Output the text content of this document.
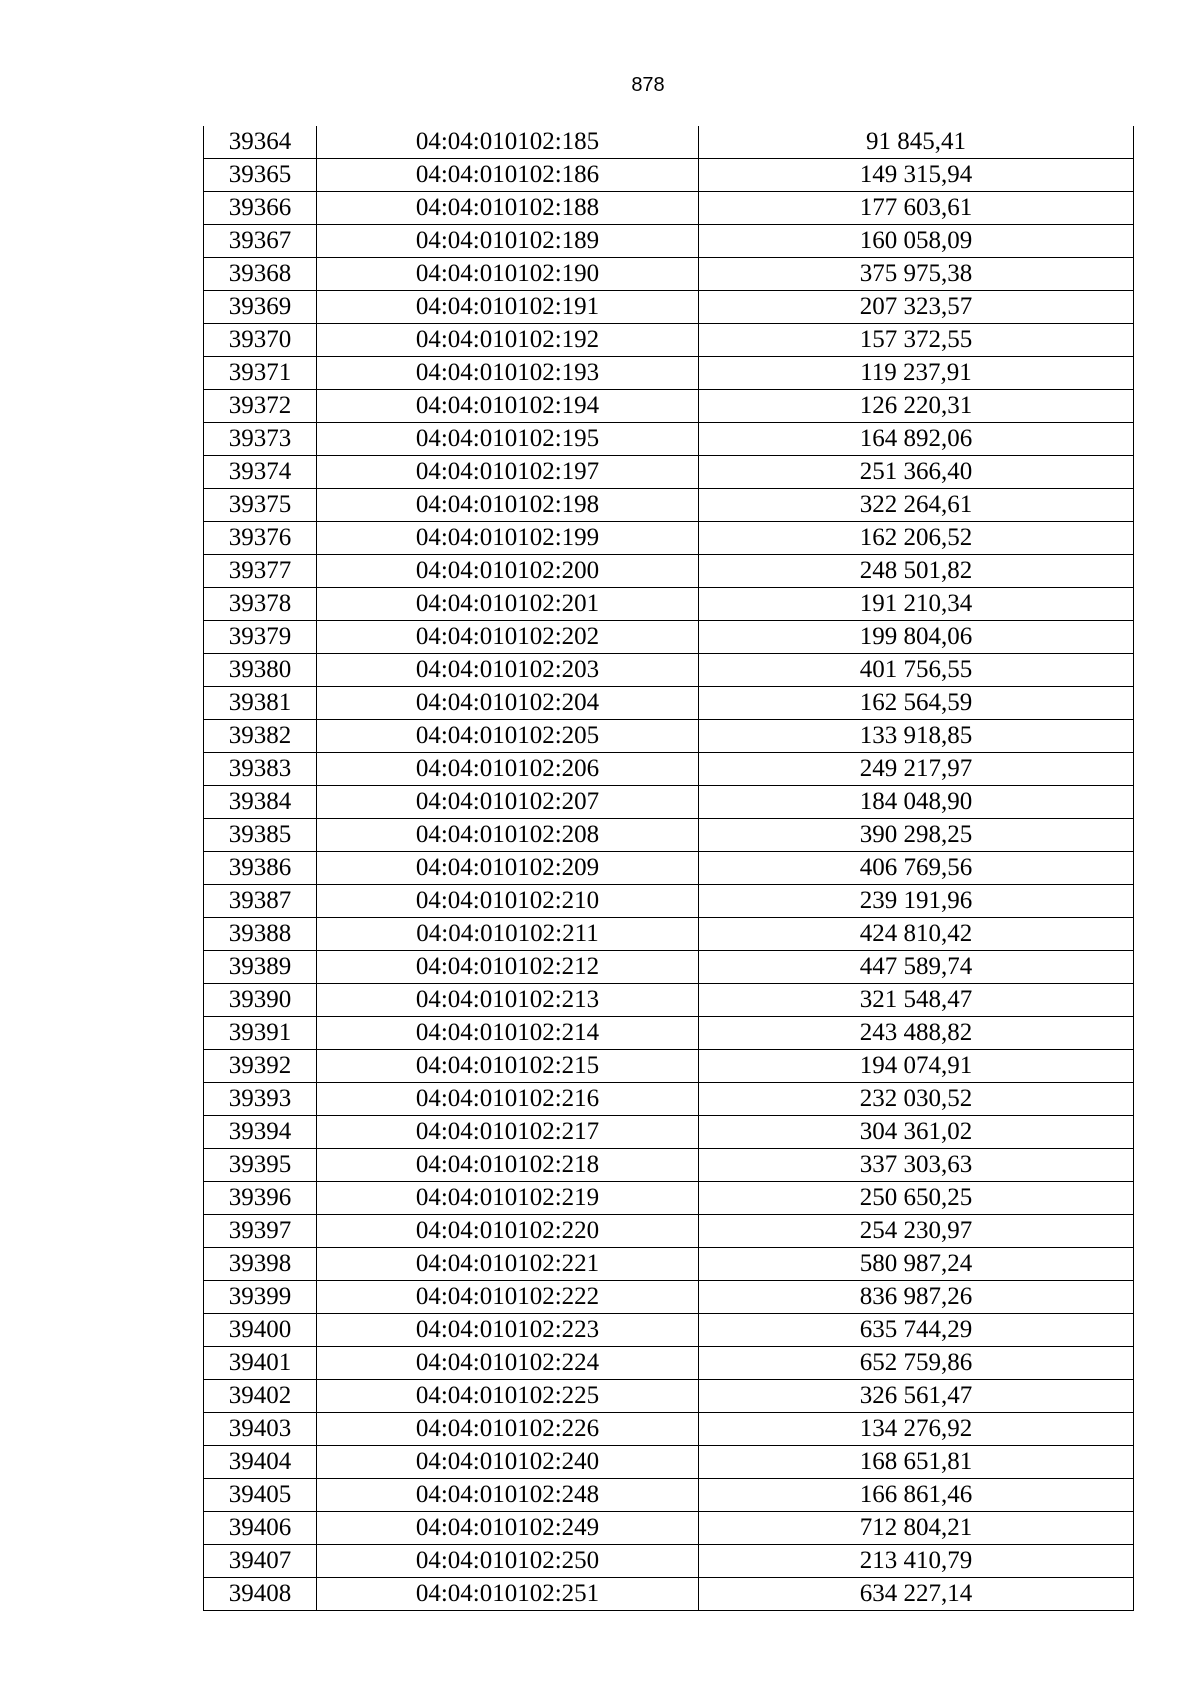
878
39364	04:04:010102:185	91 845,41
39365	04:04:010102:186	149 315,94
39366	04:04:010102:188	177 603,61
39367	04:04:010102:189	160 058,09
39368	04:04:010102:190	375 975,38
39369	04:04:010102:191	207 323,57
39370	04:04:010102:192	157 372,55
39371	04:04:010102:193	119 237,91
39372	04:04:010102:194	126 220,31
39373	04:04:010102:195	164 892,06
39374	04:04:010102:197	251 366,40
39375	04:04:010102:198	322 264,61
39376	04:04:010102:199	162 206,52
39377	04:04:010102:200	248 501,82
39378	04:04:010102:201	191 210,34
39379	04:04:010102:202	199 804,06
39380	04:04:010102:203	401 756,55
39381	04:04:010102:204	162 564,59
39382	04:04:010102:205	133 918,85
39383	04:04:010102:206	249 217,97
39384	04:04:010102:207	184 048,90
39385	04:04:010102:208	390 298,25
39386	04:04:010102:209	406 769,56
39387	04:04:010102:210	239 191,96
39388	04:04:010102:211	424 810,42
39389	04:04:010102:212	447 589,74
39390	04:04:010102:213	321 548,47
39391	04:04:010102:214	243 488,82
39392	04:04:010102:215	194 074,91
39393	04:04:010102:216	232 030,52
39394	04:04:010102:217	304 361,02
39395	04:04:010102:218	337 303,63
39396	04:04:010102:219	250 650,25
39397	04:04:010102:220	254 230,97
39398	04:04:010102:221	580 987,24
39399	04:04:010102:222	836 987,26
39400	04:04:010102:223	635 744,29
39401	04:04:010102:224	652 759,86
39402	04:04:010102:225	326 561,47
39403	04:04:010102:226	134 276,92
39404	04:04:010102:240	168 651,81
39405	04:04:010102:248	166 861,46
39406	04:04:010102:249	712 804,21
39407	04:04:010102:250	213 410,79
39408	04:04:010102:251	634 227,14
